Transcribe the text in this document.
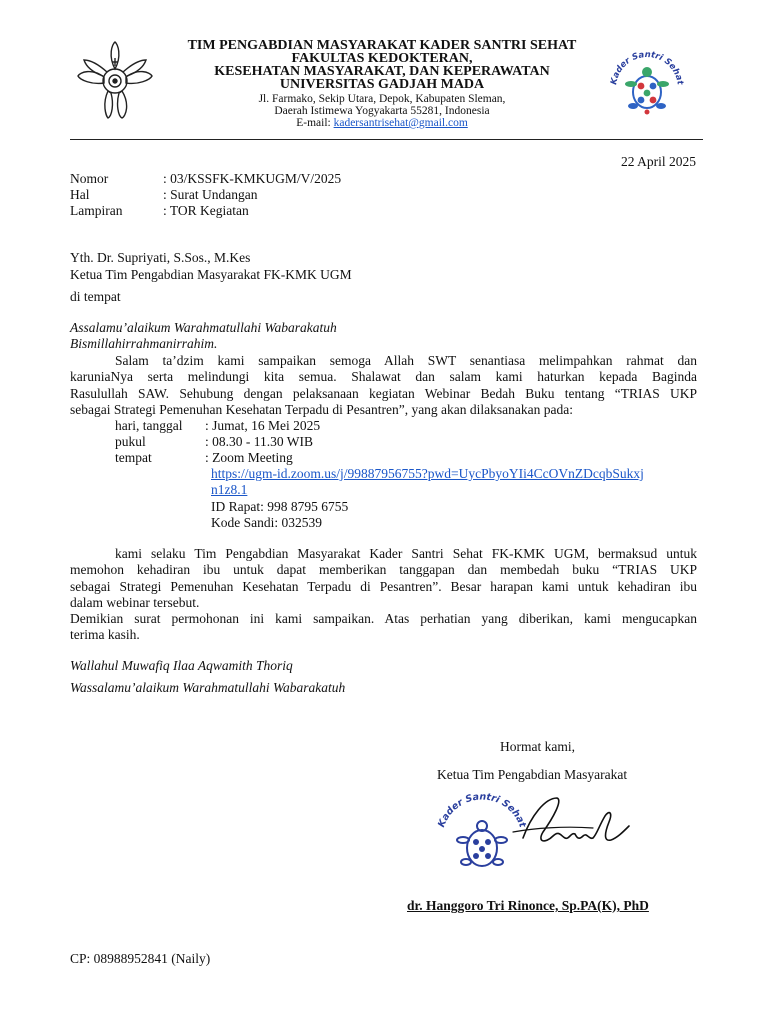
TIM PENGABDIAN MASYARAKAT KADER SANTRI SEHAT
FAKULTAS KEDOKTERAN,
KESEHATAN MASYARAKAT, DAN KEPERAWATAN
UNIVERSITAS GADJAH MADA
Jl. Farmako, Sekip Utara, Depok, Kabupaten Sleman,
Daerah Istimewa Yogyakarta 55281, Indonesia
E-mail: kadersantrisehat@gmail.com
Kader Santri Sehat
22 April 2025
Nomor	: 03/KSSFK-KMKUGM/V/2025
Hal	: Surat Undangan
Lampiran	: TOR Kegiatan
Yth. Dr. Supriyati, S.Sos., M.Kes
Ketua Tim Pengabdian Masyarakat FK-KMK UGM
di tempat
Assalamu’alaikum Warahmatullahi Wabarakatuh
Bismillahirrahmanirrahim.
Salam ta’dzim kami sampaikan semoga Allah SWT senantiasa melimpahkan rahmat dan
karuniaNya serta melindungi kita semua. Shalawat dan salam kami haturkan kepada Baginda
Rasulullah SAW. Sehubung dengan pelaksanaan kegiatan Webinar Bedah Buku tentang “TRIAS UKP
sebagai Strategi Pemenuhan Kesehatan Terpadu di Pesantren”, yang akan dilaksanakan pada:
hari, tanggal : Jumat, 16 Mei 2025
pukul	: 08.30 - 11.30 WIB
tempat	: Zoom Meeting
https://ugm-id.zoom.us/j/99887956755?pwd=UycPbyoYIi4CcOVnZDcqbSukxj
n1z8.1
ID Rapat: 998 8795 6755
Kode Sandi: 032539
kami selaku Tim Pengabdian Masyarakat Kader Santri Sehat FK-KMK UGM, bermaksud untuk
memohon kehadiran ibu untuk dapat memberikan tanggapan dan membedah buku “TRIAS UKP
sebagai Strategi Pemenuhan Kesehatan Terpadu di Pesantren”. Besar harapan kami untuk kehadiran ibu
dalam webinar tersebut.
Demikian surat permohonan ini kami sampaikan. Atas perhatian yang diberikan, kami mengucapkan
terima kasih.
Wallahul Muwafiq Ilaa Aqwamith Thoriq
Wassalamu’alaikum Warahmatullahi Wabarakatuh
Hormat kami,
Ketua Tim Pengabdian Masyarakat
Kader Santri Sehat
dr. Hanggoro Tri Rinonce, Sp.PA(K), PhD
CP: 08988952841 (Naily)
